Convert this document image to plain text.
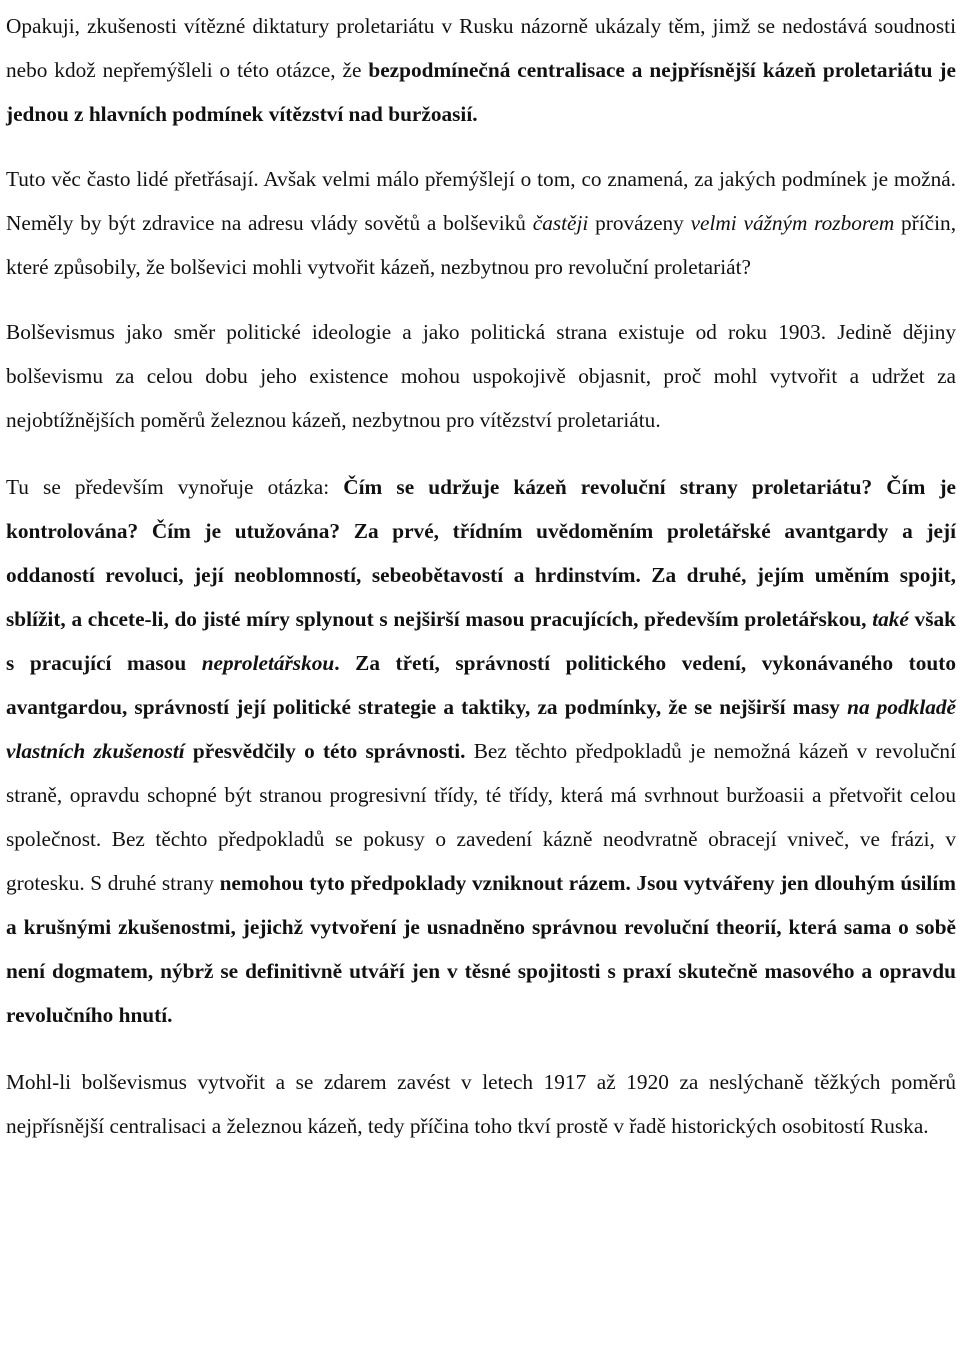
Opakuji, zkušenosti vítězné diktatury proletariátu v Rusku názorně ukázaly těm, jimž se nedostává soudnosti nebo kdož nepřemýšleli o této otázce, že bezpodmínečná centralisace a nejpřísnější kázeň proletariátu je jednou z hlavních podmínek vítězství nad buržoasií.

Tuto věc často lidé přetřásají. Avšak velmi málo přemýšlejí o tom, co znamená, za jakých podmínek je možná. Neměly by být zdravice na adresu vlády sovětů a bolševiků častěji provázeny velmi vážným rozborem příčin, které způsobily, že bolševici mohli vytvořit kázeň, nezbytnou pro revoluční proletariát?

Bolševismus jako směr politické ideologie a jako politická strana existuje od roku 1903. Jedině dějiny bolševismu za celou dobu jeho existence mohou uspokojivě objasnit, proč mohl vytvořit a udržet za nejobtížnějších poměrů železnou kázeň, nezbytnou pro vítězství proletariátu.

Tu se především vynořuje otázka: Čím se udržuje kázeň revoluční strany proletariátu? Čím je kontrolována? Čím je utužována? Za prvé, třídním uvědoměním proletářské avantgardy a její oddaností revoluci, její neoblomností, sebeobětavostí a hrdinstvím. Za druhé, jejím uměním spojit, sblížit, a chcete-li, do jisté míry splynout s nejširší masou pracujících, především proletářskou, také však s pracující masou neproletářskou. Za třetí, správností politického vedení, vykonávaného touto avantgardou, správností její politické strategie a taktiky, za podmínky, že se nejširší masy na podkladě vlastních zkušeností přesvědčily o této správnosti. Bez těchto předpokladů je nemožná kázeň v revoluční straně, opravdu schopné být stranou progresivní třídy, té třídy, která má svrhnout buržoasii a přetvořit celou společnost. Bez těchto předpokladů se pokusy o zavedení kázně neodvratně obracejí vniveč, ve frázi, v grotesku. S druhé strany nemohou tyto předpoklady vzniknout rázem. Jsou vytvářeny jen dlouhým úsilím a krušnými zkušenostmi, jejichž vytvoření je usnadněno správnou revoluční theorií, která sama o sobě není dogmatem, nýbrž se definitivně utváří jen v těsné spojitosti s praxí skutečně masového a opravdu revolučního hnutí.

Mohl-li bolševismus vytvořit a se zdarem zavést v letech 1917 až 1920 za neslýchaně těžkých poměrů nejpřísnější centralisaci a železnou kázeň, tedy příčina toho tkví prostě v řadě historických osobitostí Ruska.
